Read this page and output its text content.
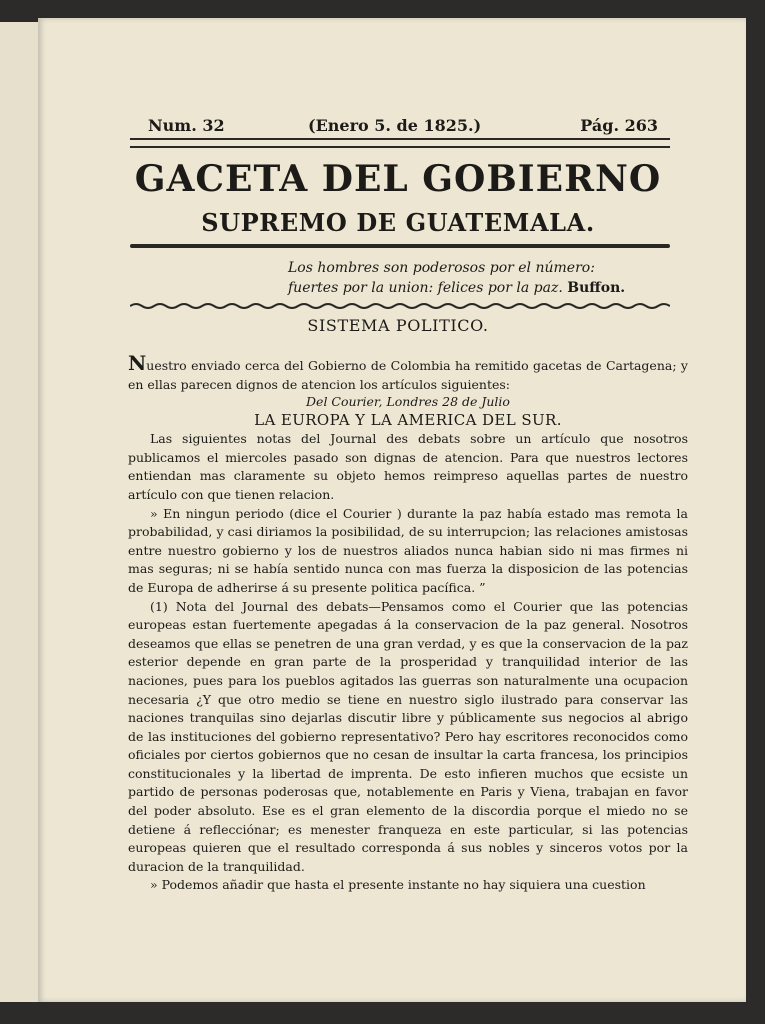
Num. 32	(Enero 5. de 1825.)	Pág. 263
GACETA DEL GOBIERNO
SUPREMO DE GUATEMALA.
Los hombres son poderosos por el número:
fuertes por la union: felices por la paz. Buffon.
SISTEMA POLITICO.

Nuestro enviado cerca del Gobierno de Colombia ha remitido gacetas de Cartagena; y en ellas parecen dignos de atencion los artículos siguientes:

Del Courier, Londres 28 de Julio

LA EUROPA Y LA AMERICA DEL SUR.

Las siguientes notas del Journal des debats sobre un artículo que nosotros publicamos el miercoles pasado son dignas de atencion. Para que nuestros lectores entiendan mas claramente su objeto hemos reimpreso aquellas partes de nuestro artículo con que tienen relacion.

» En ningun periodo (dice el Courier ) durante la paz había estado mas remota la probabilidad, y casi diriamos la posibilidad, de su interrupcion; las relaciones amistosas entre nuestro gobierno y los de nuestros aliados nunca habian sido ni mas firmes ni mas seguras; ni se había sentido nunca con mas fuerza la disposicion de las potencias de Europa de adherirse á su presente politica pacífica. ”

(1) Nota del Journal des debats—Pensamos como el Courier que las potencias europeas estan fuertemente apegadas á la conservacion de la paz general. Nosotros deseamos que ellas se penetren de una gran verdad, y es que la conservacion de la paz esterior depende en gran parte de la prosperidad y tranquilidad interior de las naciones, pues para los pueblos agitados las guerras son naturalmente una ocupacion necesaria ¿Y que otro medio se tiene en nuestro siglo ilustrado para conservar las naciones tranquilas sino dejarlas discutir libre y públicamente sus negocios al abrigo de las instituciones del gobierno representativo? Pero hay escritores reconocidos como oficiales por ciertos gobiernos que no cesan de insultar la carta francesa, los principios constitucionales y la libertad de imprenta. De esto infieren muchos que ecsiste un partido de personas poderosas que, notablemente en Paris y Viena, trabajan en favor del poder absoluto. Ese es el gran elemento de la discordia porque el miedo no se detiene á reflecciónar; es menester franqueza en este particular, si las potencias europeas quieren que el resultado corresponda á sus nobles y sinceros votos por la duracion de la tranquilidad.

» Podemos añadir que hasta el presente instante no hay siquiera una cuestion
